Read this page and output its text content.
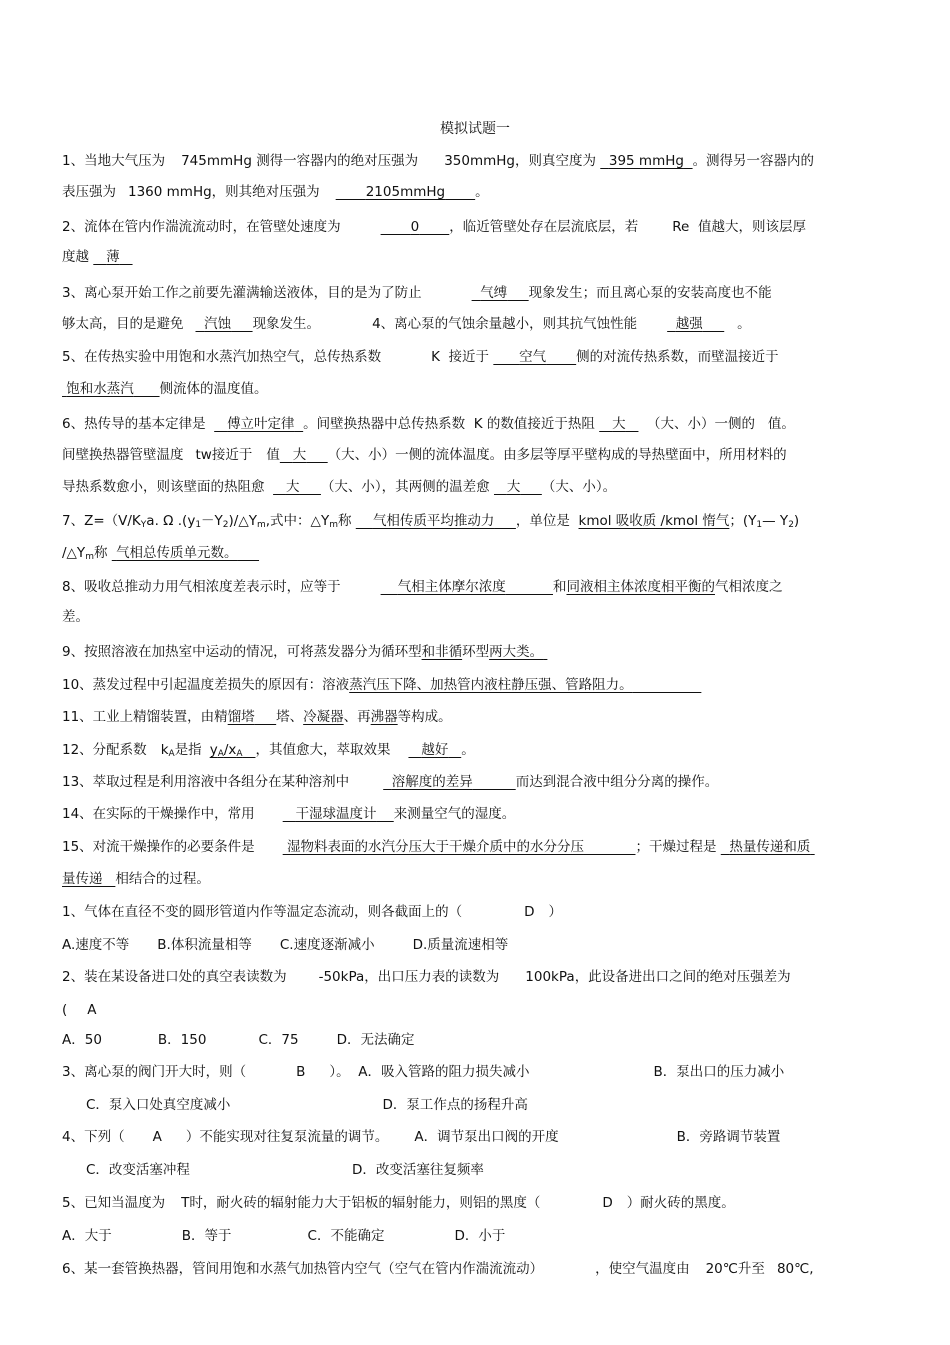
模拟试题一
1、当地大气压为 745mmHg 测得一容器内的绝对压强为 350mmHg，则真空度为 395 mmHg 。测得另一容器内的
表压强为 1360 mmHg，则其绝对压强为	2105mmHg 。
2、流体在管内作湍流流动时，在管壁处速度为	0 ，临近管壁处存在层流底层，若	Re 值越大，则该层厚
度越 薄
3、离心泵开始工作之前要先灌满输送液体，目的是为了防止	气缚 现象发生；而且离心泵的安装高度也不能
够太高，目的是避免 汽蚀 现象发生。	4、离心泵的气蚀余量越小，则其抗气蚀性能	越强	。
5、在传热实验中用饱和水蒸汽加热空气，总传热系数	K 接近于 空气 侧的对流传热系数，而壁温接近于
饱和水蒸汽 侧流体的温度值。
6、热传导的基本定律是 傅立叶定律 。间壁换热器中总传热系数 K 的数值接近于热阻 大 （大、小）一侧的 值。
间壁换热器管壁温度 tw接近于 值 大 （大、小）一侧的流体温度。由多层等厚平壁构成的导热壁面中，所用材料的
导热系数愈小，则该壁面的热阻愈 大 （大、小），其两侧的温差愈 大 （大、小）。
7、$Z=(V/K_Ya$. Ω $.(y_1-Y_2)/\triangle Y_m$,式中：$\triangle Y_m$称 气相传质平均推动力 ，单位是 kmol 吸收质 /kmol 惰气；($Y_1—$ $Y_2$)
$/\triangle Y_m$称 气相总传质单元数。
8、吸收总推动力用气相浓度差表示时，应等于	气相主体摩尔浓度	和同液相主体浓度相平衡的气相浓度之
差。
9、按照溶液在加热室中运动的情况，可将蒸发器分为循环型和非循环型两大类。
10、蒸发过程中引起温度差损失的原因有：溶液蒸汽压下降、加热管内液柱静压强、管路阻力。
11、工业上精馏装置，由精馏塔 塔、冷凝器、再沸器等构成。
12、分配系数 $k_A$是指 $y_A/x_A$ ，其值愈大，萃取效果 越好 。
13、萃取过程是利用溶液中各组分在某种溶剂中	溶解度的差异	而达到混合液中组分分离的操作。
14、在实际的干燥操作中，常用	干湿球温度计 来测量空气的湿度。
15、对流干燥操作的必要条件是 湿物料表面的水汽分压大于干燥介质中的水分分压	；干燥过程是 热量传递和质
量传递 相结合的过程。
1、气体在直径不变的圆形管道内作等温定态流动，则各截面上的（	D ）
A.速度不等 B.体积流量相等 C.速度逐渐减小	D.质量流速相等
2、装在某设备进口处的真空表读数为 -50kPa，出口压力表的读数为 100kPa，此设备进出口之间的绝对压强差为
( A
A．50	B．150	C．75	D．无法确定
3、离心泵的阀门开大时，则（	B ）。 A．吸入管路的阻力损失减小	B．泵出口的压力减小
C．泵入口处真空度减小	D．泵工作点的扬程升高
4、下列（ A ）不能实现对往复泵流量的调节。 A．调节泵出口阀的开度	B．旁路调节装置
C．改变活塞冲程	D．改变活塞往复频率
5、已知当温度为 T时，耐火砖的辐射能力大于铝板的辐射能力，则铝的黑度（	D ）耐火砖的黑度。
A．大于	B．等于	C．不能确定	D．小于
6、某一套管换热器，管间用饱和水蒸气加热管内空气（空气在管内作湍流流动）	，使空气温度由 20℃升至 80℃,
